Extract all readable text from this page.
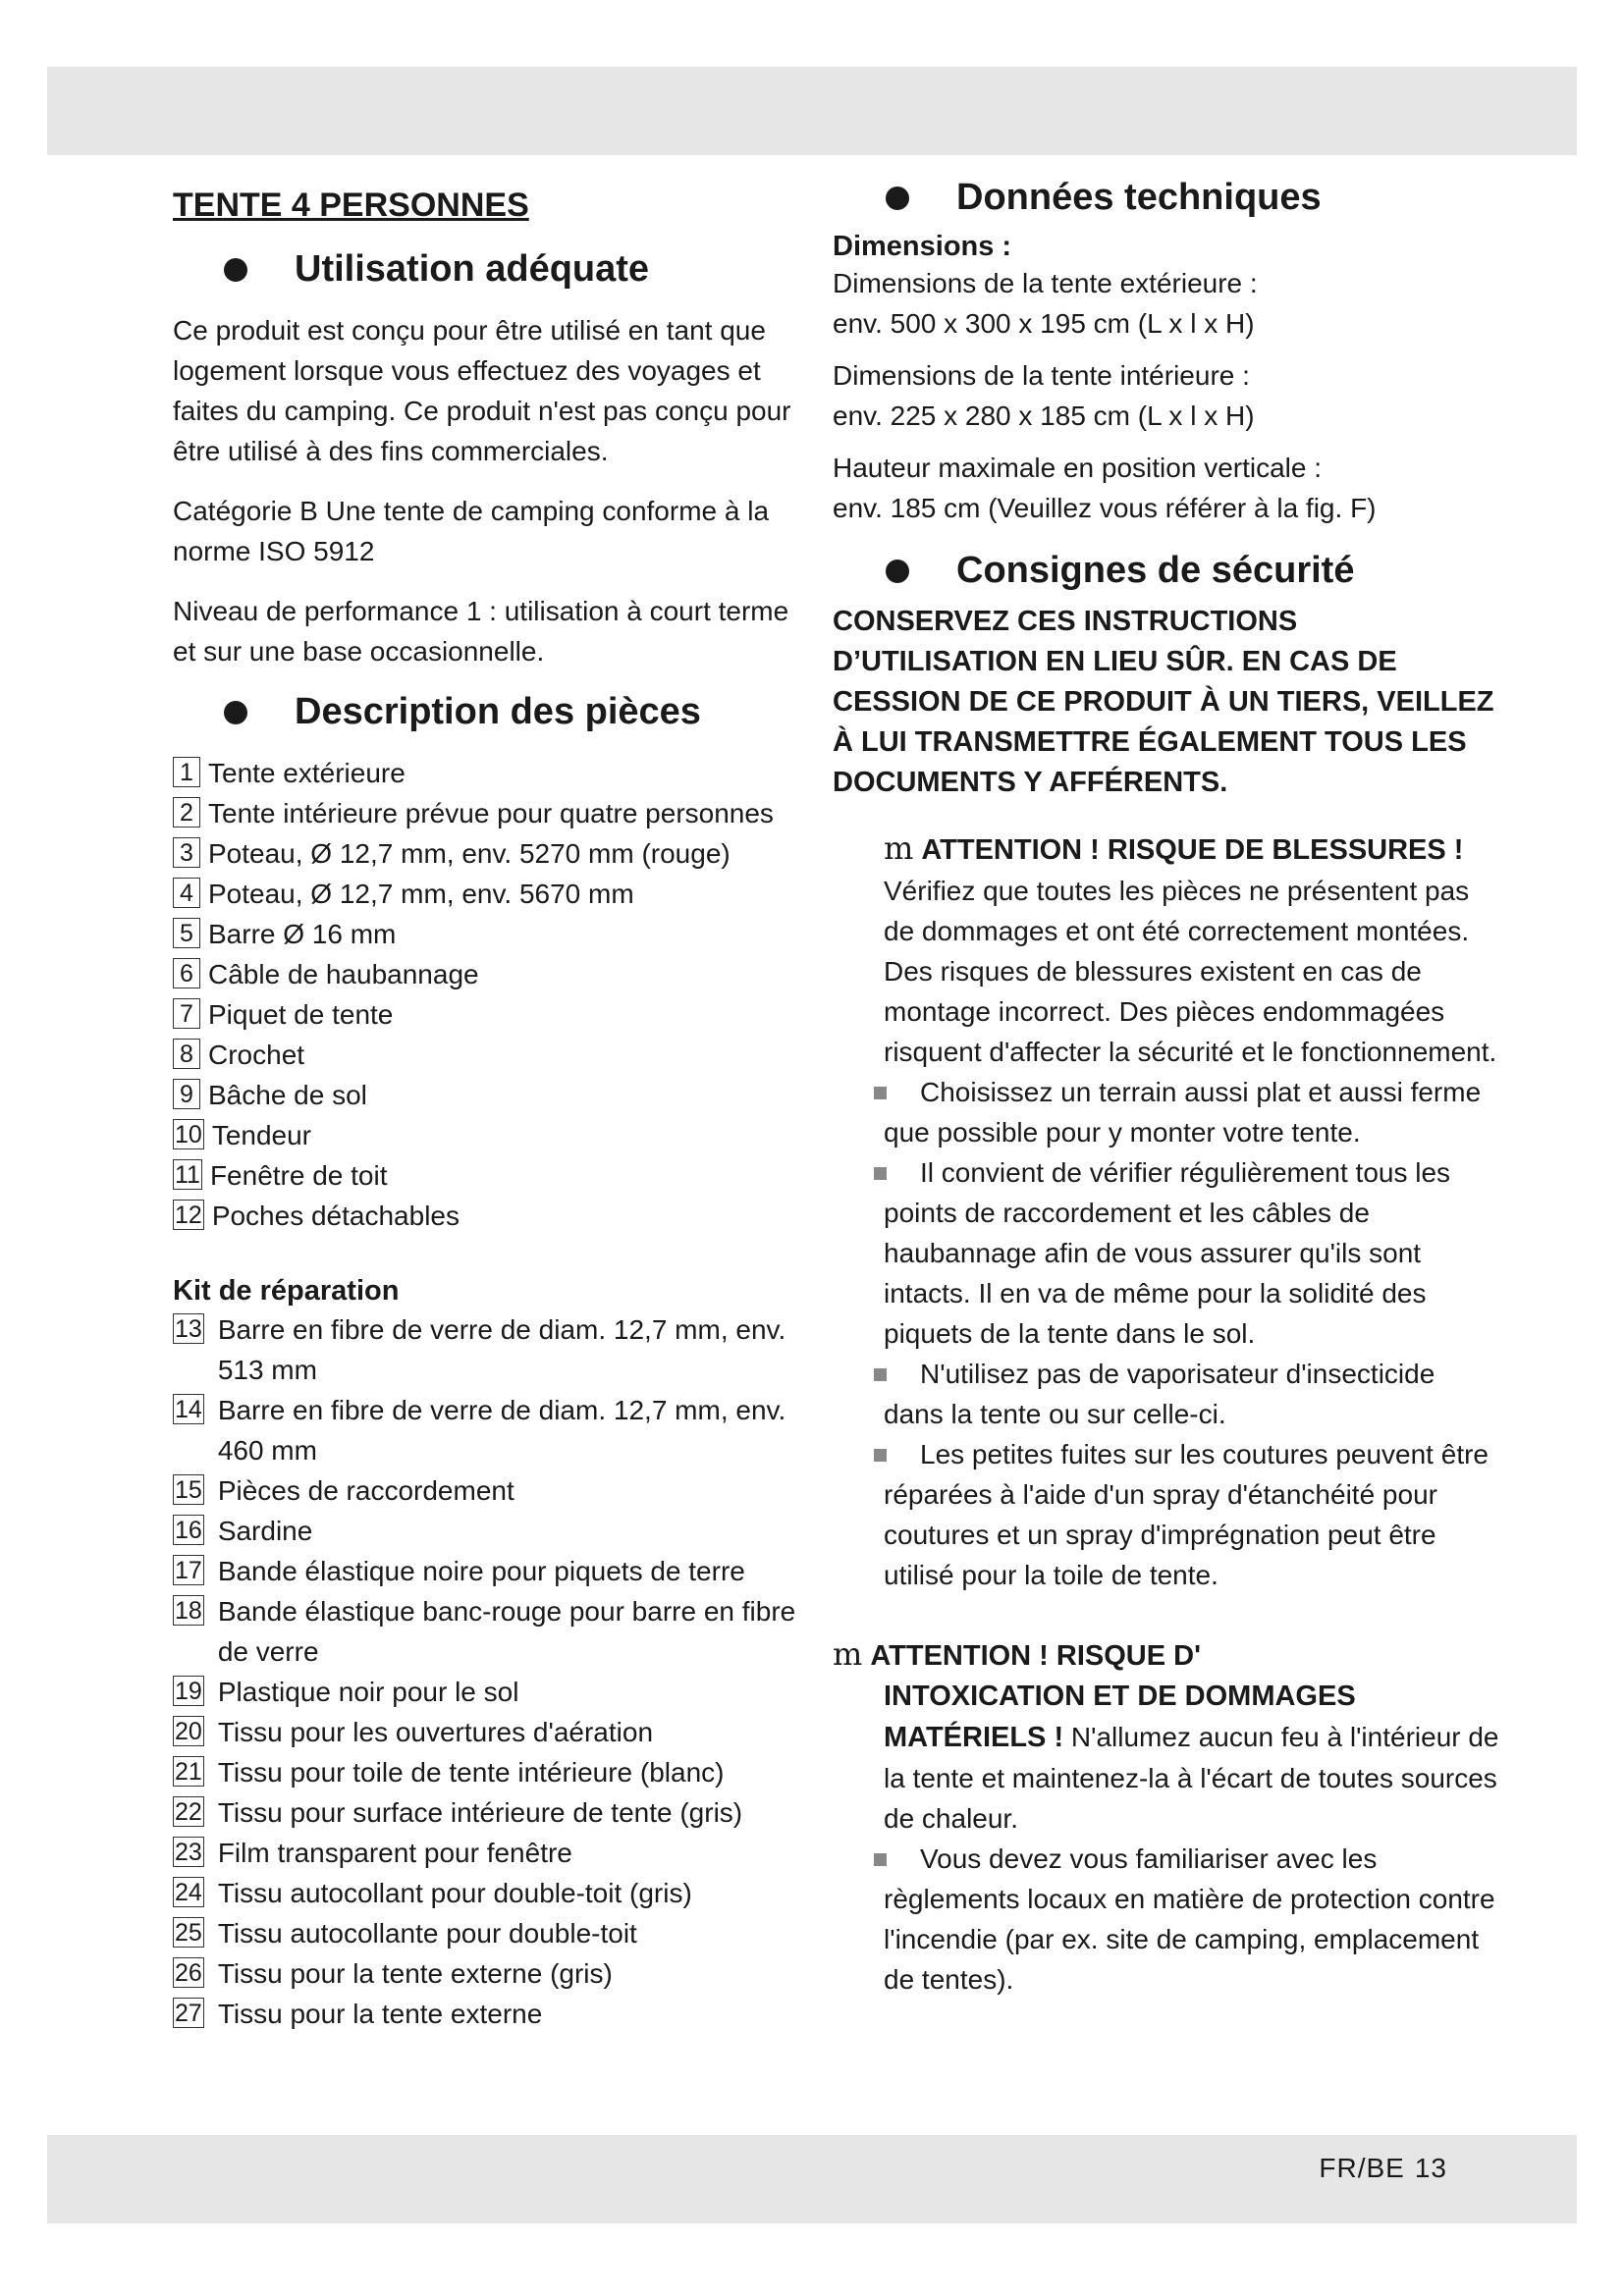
TENTE 4 PERSONNES
Utilisation adéquate

Ce produit est conçu pour être utilisé en tant que logement lorsque vous effectuez des voyages et faites du camping. Ce produit n'est pas conçu pour être utilisé à des fins commerciales.

Catégorie B Une tente de camping conforme à la norme ISO 5912

Niveau de performance 1 : utilisation à court terme et sur une base occasionnelle.

Description des pièces
1 Tente extérieure
2 Tente intérieure prévue pour quatre personnes
3 Poteau, Ø 12,7 mm, env. 5270 mm (rouge)
4 Poteau, Ø 12,7 mm, env. 5670 mm
5 Barre Ø 16 mm
6 Câble de haubannage
7 Piquet de tente
8 Crochet
9 Bâche de sol
10 Tendeur
11 Fenêtre de toit
12 Poches détachables
Kit de réparation
13 Barre en fibre de verre de diam. 12,7 mm, env. 513 mm
14 Barre en fibre de verre de diam. 12,7 mm, env. 460 mm
15 Pièces de raccordement
16 Sardine
17 Bande élastique noire pour piquets de terre
18 Bande élastique banc-rouge pour barre en fibre de verre
19 Plastique noir pour le sol
20 Tissu pour les ouvertures d'aération
21 Tissu pour toile de tente intérieure (blanc)
22 Tissu pour surface intérieure de tente (gris)
23 Film transparent pour fenêtre
24 Tissu autocollant pour double-toit (gris)
25 Tissu autocollante pour double-toit
26 Tissu pour la tente externe (gris)
27 Tissu pour la tente externe
Données techniques
Dimensions :

Dimensions de la tente extérieure :
env. 500 x 300 x 195 cm (L x l x H)

Dimensions de la tente intérieure :
env. 225 x 280 x 185 cm (L x l x H)

Hauteur maximale en position verticale :
env. 185 cm (Veuillez vous référer à la fig. F)

Consignes de sécurité
CONSERVEZ CES INSTRUCTIONS D’UTILISATION EN LIEU SÛR. EN CAS DE CESSION DE CE PRODUIT À UN TIERS, VEILLEZ À LUI TRANSMETTRE ÉGALEMENT TOUS LES DOCUMENTS Y AFFÉRENTS.
m ATTENTION ! RISQUE DE BLESSURES !

Vérifiez que toutes les pièces ne présentent pas de dommages et ont été correctement montées. Des risques de blessures existent en cas de montage incorrect. Des pièces endommagées risquent d'affecter la sécurité et le fonctionnement.

Choisissez un terrain aussi plat et aussi ferme que possible pour y monter votre tente.

Il convient de vérifier régulièrement tous les points de raccordement et les câbles de haubannage afin de vous assurer qu'ils sont intacts. Il en va de même pour la solidité des piquets de la tente dans le sol.

N'utilisez pas de vaporisateur d'insecticide dans la tente ou sur celle-ci.

Les petites fuites sur les coutures peuvent être réparées à l'aide d'un spray d'étanchéité pour coutures et un spray d'imprégnation peut être utilisé pour la toile de tente.

m ATTENTION ! RISQUE D'
INTOXICATION ET DE DOMMAGES

MATÉRIELS ! N'allumez aucun feu à l'intérieur de la tente et maintenez-la à l'écart de toutes sources de chaleur.

Vous devez vous familiariser avec les règlements locaux en matière de protection contre l'incendie (par ex. site de camping, emplacement de tentes).

FR/BE 13
